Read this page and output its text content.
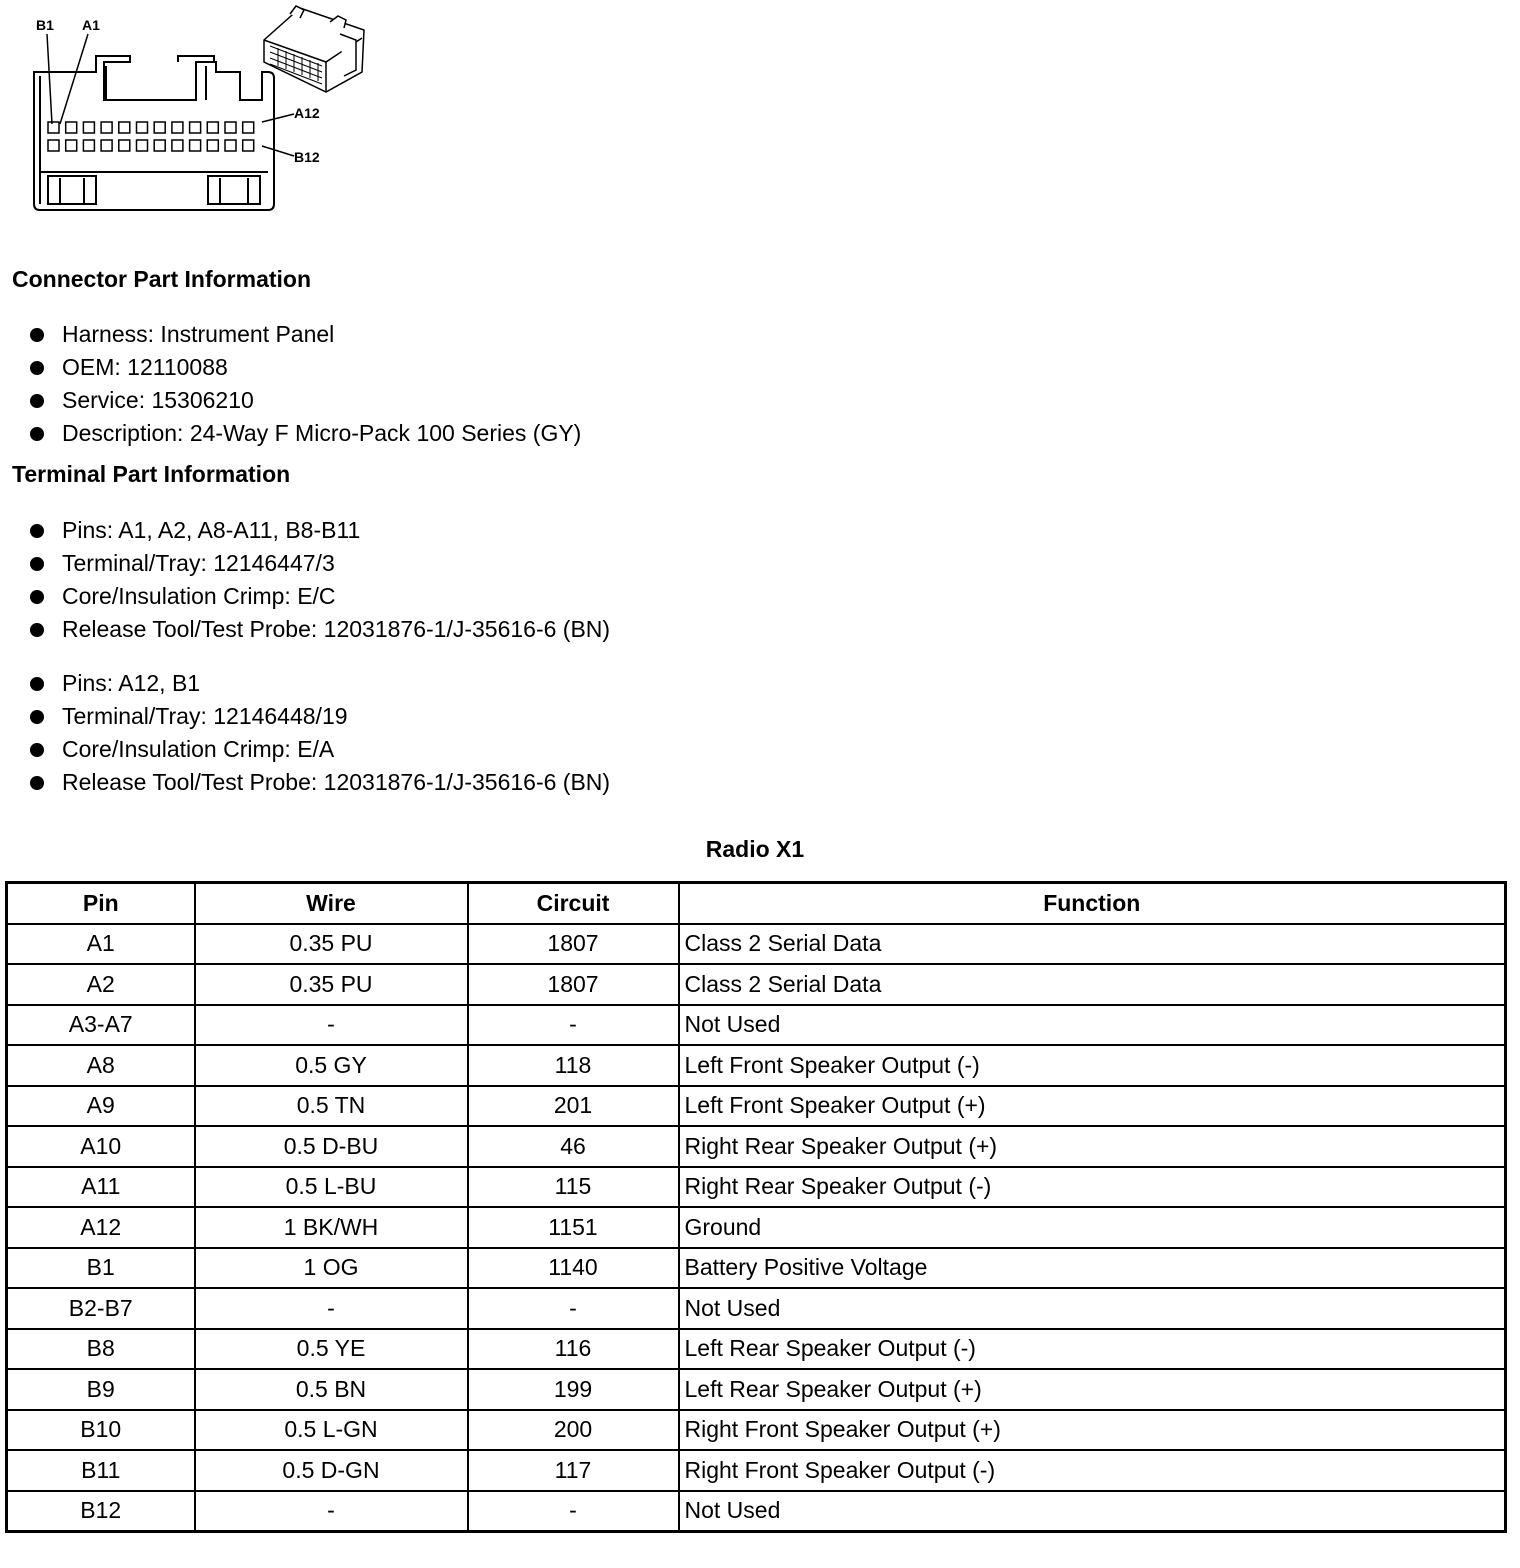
B1 A1
A12
B12
Connector Part Information
Harness: Instrument Panel
OEM: 12110088
Service: 15306210
Description: 24-Way F Micro-Pack 100 Series (GY)
Terminal Part Information
Pins: A1, A2, A8-A11, B8-B11
Terminal/Tray: 12146447/3
Core/Insulation Crimp: E/C
Release Tool/Test Probe: 12031876-1/J-35616-6 (BN)
Pins: A12, B1
Terminal/Tray: 12146448/19
Core/Insulation Crimp: E/A
Release Tool/Test Probe: 12031876-1/J-35616-6 (BN)
Radio X1
Pin	Wire	Circuit	Function
A1	0.35 PU	1807	Class 2 Serial Data
A2	0.35 PU	1807	Class 2 Serial Data
A3-A7	-	-	Not Used
A8	0.5 GY	118	Left Front Speaker Output (-)
A9	0.5 TN	201	Left Front Speaker Output (+)
A10	0.5 D-BU	46	Right Rear Speaker Output (+)
A11	0.5 L-BU	115	Right Rear Speaker Output (-)
A12	1 BK/WH	1151	Ground
B1	1 OG	1140	Battery Positive Voltage
B2-B7	-	-	Not Used
B8	0.5 YE	116	Left Rear Speaker Output (-)
B9	0.5 BN	199	Left Rear Speaker Output (+)
B10	0.5 L-GN	200	Right Front Speaker Output (+)
B11	0.5 D-GN	117	Right Front Speaker Output (-)
B12	-	-	Not Used
